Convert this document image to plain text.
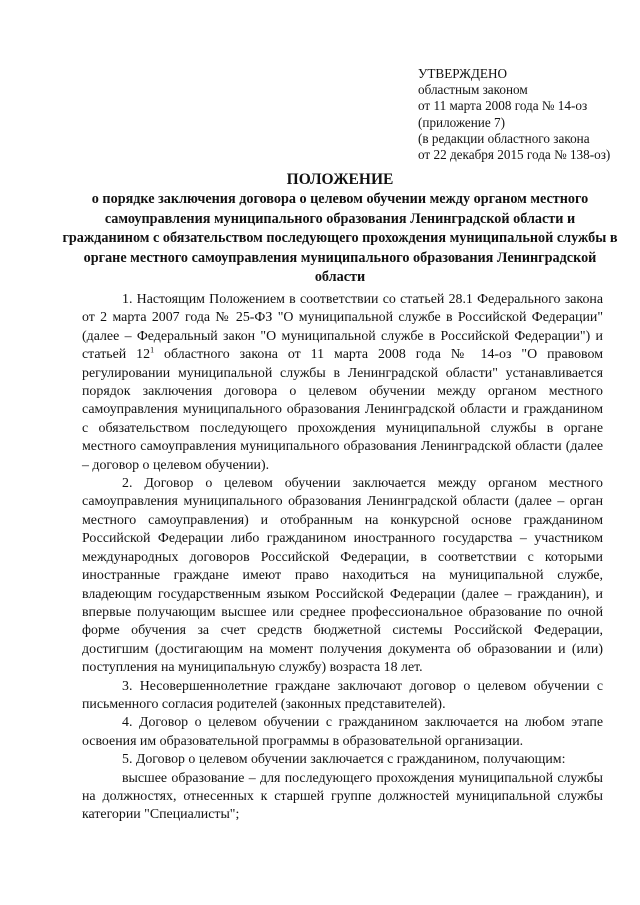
УТВЕРЖДЕНО
областным законом
от 11 марта 2008 года № 14-оз
(приложение 7)
(в редакции областного закона
от 22 декабря 2015 года № 138-оз)

ПОЛОЖЕНИЕ

о порядке заключения договора о целевом обучении между органом местного самоуправления муниципального образования Ленинградской области и гражданином с обязательством последующего прохождения муниципальной службы в органе местного самоуправления муниципального образования Ленинградской области

1. Настоящим Положением в соответствии со статьей 28.1 Федерального закона от 2 марта 2007 года № 25-ФЗ "О муниципальной службе в Российской Федерации" (далее – Федеральный закон "О муниципальной службе в Российской Федерации") и статьей $12^1$ областного закона от 11 марта 2008 года № 14-оз "О правовом регулировании муниципальной службы в Ленинградской области" устанавливается порядок заключения договора о целевом обучении между органом местного самоуправления муниципального образования Ленинградской области и гражданином с обязательством последующего прохождения муниципальной службы в органе местного самоуправления муниципального образования Ленинградской области (далее – договор о целевом обучении).

2. Договор о целевом обучении заключается между органом местного самоуправления муниципального образования Ленинградской области (далее – орган местного самоуправления) и отобранным на конкурсной основе гражданином Российской Федерации либо гражданином иностранного государства – участником международных договоров Российской Федерации, в соответствии с которыми иностранные граждане имеют право находиться на муниципальной службе, владеющим государственным языком Российской Федерации (далее – гражданин), и впервые получающим высшее или среднее профессиональное образование по очной форме обучения за счет средств бюджетной системы Российской Федерации, достигшим (достигающим на момент получения документа об образовании и (или) поступления на муниципальную службу) возраста 18 лет.

3. Несовершеннолетние граждане заключают договор о целевом обучении с письменного согласия родителей (законных представителей).

4. Договор о целевом обучении с гражданином заключается на любом этапе освоения им образовательной программы в образовательной организации.

5. Договор о целевом обучении заключается с гражданином, получающим:

высшее образование – для последующего прохождения муниципальной службы на должностях, отнесенных к старшей группе должностей муниципальной службы категории "Специалисты";
